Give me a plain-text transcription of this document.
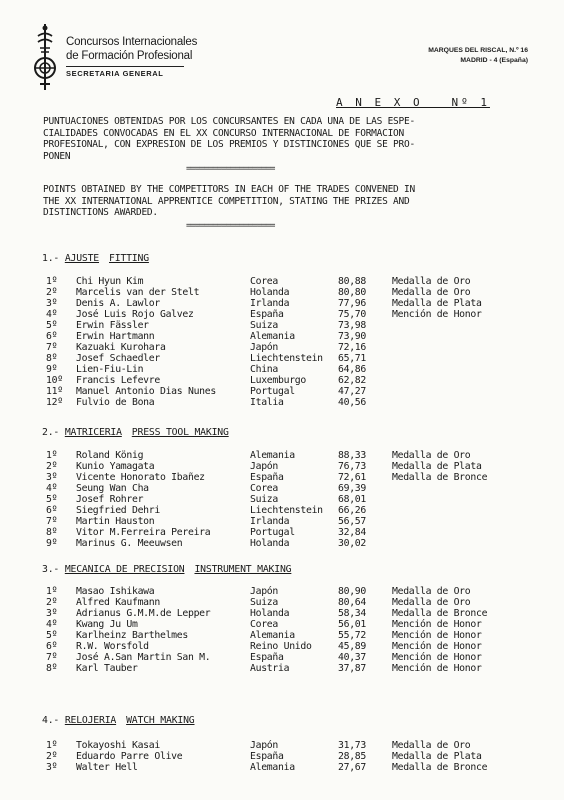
Concursos Internacionales
de Formación Profesional
SECRETARIA GENERAL
MARQUES DEL RISCAL, N.º 16
MADRID - 4 (España)
A N E X O   Nº 1

PUNTUACIONES OBTENIDAS POR LOS CONCURSANTES EN CADA UNA DE LAS ESPE-
CIALIDADES CONVOCADAS EN EL XX CONCURSO INTERNACIONAL DE FORMACION
PROFESIONAL, CON EXPRESION DE LOS PREMIOS Y DISTINCIONES QUE SE PRO-
PONEN

====================

POINTS OBTAINED BY THE COMPETITORS IN EACH OF THE TRADES CONVENED IN
THE XX INTERNATIONAL APPRENTICE COMPETITION, STATING THE PRIZES AND
DISTINCTIONS AWARDED.

====================
1.- AJUSTE FITTING
1º	Chi Hyun Kim	Corea	80,88	Medalla de Oro
2º	Marcelis van der Stelt	Holanda	80,80	Medalla de Oro
3º	Denis A. Lawlor	Irlanda	77,96	Medalla de Plata
4º	José Luis Rojo Galvez	España	75,70	Mención de Honor
5º	Erwin Fässler	Suiza	73,98	
6º	Erwin Hartmann	Alemania	73,90	
7º	Kazuaki Kurohara	Japón	72,16	
8º	Josef Schaedler	Liechtenstein	65,71	
9º	Lien-Fiu-Lin	China	64,86	
10º	Francis Lefevre	Luxemburgo	62,82	
11º	Manuel Antonio Dias Nunes	Portugal	47,27	
12º	Fulvio de Bona	Italia	40,56	
2.- MATRICERIA PRESS TOOL MAKING
1º	Roland König	Alemania	88,33	Medalla de Oro
2º	Kunio Yamagata	Japón	76,73	Medalla de Plata
3º	Vicente Honorato Ibañez	España	72,61	Medalla de Bronce
4º	Seung Wan Cha	Corea	69,39	
5º	Josef Rohrer	Suiza	68,01	
6º	Siegfried Dehri	Liechtenstein	66,26	
7º	Martin Hauston	Irlanda	56,57	
8º	Vitor M.Ferreira Pereira	Portugal	32,84	
9º	Marinus G. Meeuwsen	Holanda	30,02	
3.- MECANICA DE PRECISION INSTRUMENT MAKING
1º	Masao Ishikawa	Japón	80,90	Medalla de Oro
2º	Alfred Kaufmann	Suiza	80,64	Medalla de Oro
3º	Adrianus G.M.M.de Lepper	Holanda	58,34	Medalla de Bronce
4º	Kwang Ju Um	Corea	56,01	Mención de Honor
5º	Karlheinz Barthelmes	Alemania	55,72	Mención de Honor
6º	R.W. Worsfold	Reino Unido	45,89	Mención de Honor
7º	José A.San Martin San M.	España	40,37	Mención de Honor
8º	Karl Tauber	Austria	37,87	Mención de Honor
4.- RELOJERIA WATCH MAKING
1º	Tokayoshi Kasai	Japón	31,73	Medalla de Oro
2º	Eduardo Parre Olive	España	28,85	Medalla de Plata
3º	Walter Hell	Alemania	27,67	Medalla de Bronce
